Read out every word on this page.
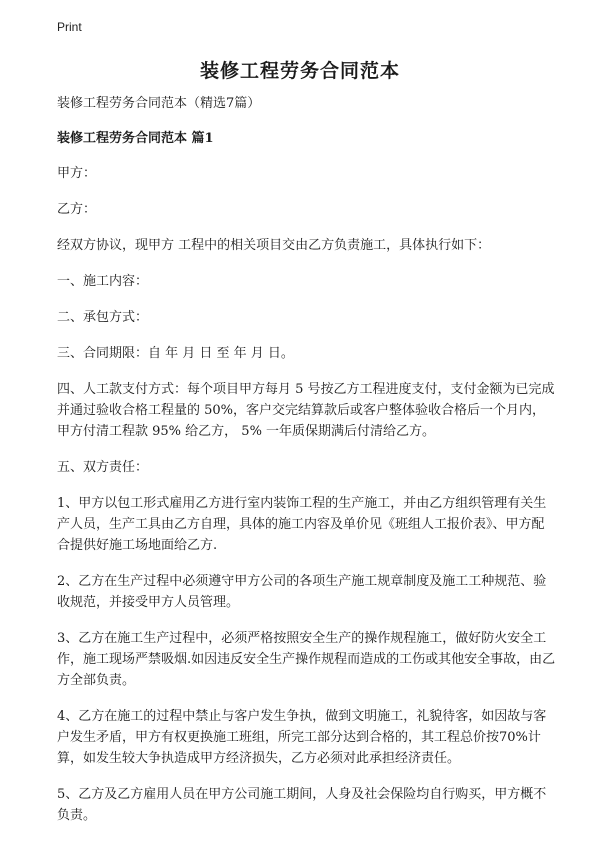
Print
装修工程劳务合同范本

装修工程劳务合同范本（精选7篇）

装修工程劳务合同范本 篇1

甲方：

乙方：

经双方协议，现甲方 工程中的相关项目交由乙方负责施工，具体执行如下：

一、施工内容：

二、承包方式：

三、合同期限：自 年 月 日 至 年 月 日。

四、人工款支付方式：每个项目甲方每月 5 号按乙方工程进度支付，支付金额为已完成并通过验收合格工程量的 50%，客户交完结算款后或客户整体验收合格后一个月内， 甲方付清工程款 95% 给乙方， 5% 一年质保期满后付清给乙方。

五、双方责任：

1、甲方以包工形式雇用乙方进行室内装饰工程的生产施工，并由乙方组织管理有关生产人员，生产工具由乙方自理，具体的施工内容及单价见《班组人工报价表》、甲方配合提供好施工场地面给乙方.

2、乙方在生产过程中必须遵守甲方公司的各项生产施工规章制度及施工工种规范、验收规范，并接受甲方人员管理。

3、乙方在施工生产过程中，必须严格按照安全生产的操作规程施工，做好防火安全工作，施工现场严禁吸烟.如因违反安全生产操作规程而造成的工伤或其他安全事故，由乙方全部负责。

4、乙方在施工的过程中禁止与客户发生争执，做到文明施工，礼貌待客，如因故与客户发生矛盾，甲方有权更换施工班组，所完工部分达到合格的，其工程总价按70%计算，如发生较大争执造成甲方经济损失，乙方必须对此承担经济责任。

5、乙方及乙方雇用人员在甲方公司施工期间，人身及社会保险均自行购买，甲方概不负责。
